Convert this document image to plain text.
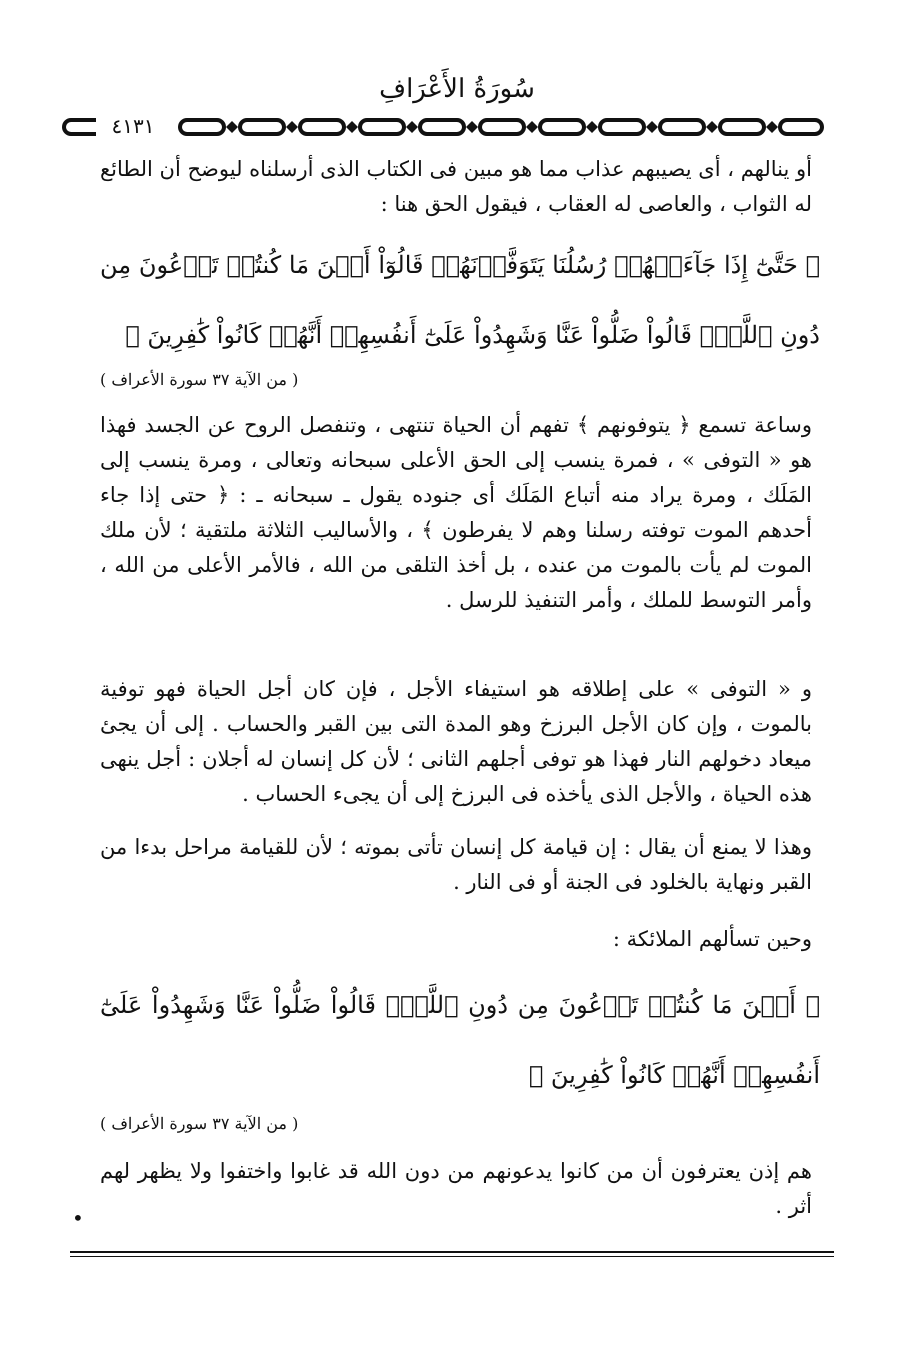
سُورَةُ الأَعْرَافِ
٤١٣١

أو ينالهم ، أى يصيبهم عذاب مما هو مبين فى الكتاب الذى أرسلناه ليوضح أن الطائع له الثواب ، والعاصى له العقاب ، فيقول الحق هنا :

﴿ حَتَّىٰٓ إِذَا جَآءَتۡهُمۡ رُسُلُنَا يَتَوَفَّوۡنَهُمۡ قَالُوٓاْ أَيۡنَ مَا كُنتُمۡ تَدۡعُونَ مِن دُونِ ٱللَّهِۖ قَالُواْ ضَلُّواْ عَنَّا وَشَهِدُواْ عَلَىٰٓ أَنفُسِهِمۡ أَنَّهُمۡ كَانُواْ كَٰفِرِينَ ﴾

( من الآية ٣٧ سورة الأعراف )

وساعة تسمع ﴿ يتوفونهم ﴾ تفهم أن الحياة تنتهى ، وتنفصل الروح عن الجسد فهذا هو « التوفى » ، فمرة ينسب إلى الحق الأعلى سبحانه وتعالى ، ومرة ينسب إلى المَلَك ، ومرة يراد منه أتباع المَلَك أى جنوده يقول ـ سبحانه ـ : ﴿ حتى إذا جاء أحدهم الموت توفته رسلنا وهم لا يفرطون ﴾ ، والأساليب الثلاثة ملتقية ؛ لأن ملك الموت لم يأت بالموت من عنده ، بل أخذ التلقى من الله ، فالأمر الأعلى من الله ، وأمر التوسط للملك ، وأمر التنفيذ للرسل .

و « التوفى » على إطلاقه هو استيفاء الأجل ، فإن كان أجل الحياة فهو توفية بالموت ، وإن كان الأجل البرزخ وهو المدة التى بين القبر والحساب . إلى أن يجئ ميعاد دخولهم النار فهذا هو توفى أجلهم الثانى ؛ لأن كل إنسان له أجلان : أجل ينهى هذه الحياة ، والأجل الذى يأخذه فى البرزخ إلى أن يجىء الحساب .

وهذا لا يمنع أن يقال : إن قيامة كل إنسان تأتى بموته ؛ لأن للقيامة مراحل بدءا من القبر ونهاية بالخلود فى الجنة أو فى النار .

وحين تسألهم الملائكة :

﴿ أَيۡنَ مَا كُنتُمۡ تَدۡعُونَ مِن دُونِ ٱللَّهِۖ قَالُواْ ضَلُّواْ عَنَّا وَشَهِدُواْ عَلَىٰٓ أَنفُسِهِمۡ أَنَّهُمۡ كَانُواْ كَٰفِرِينَ ﴾

( من الآية ٣٧ سورة الأعراف )

هم إذن يعترفون أن من كانوا يدعونهم من دون الله قد غابوا واختفوا ولا يظهر لهم أثر .

•
